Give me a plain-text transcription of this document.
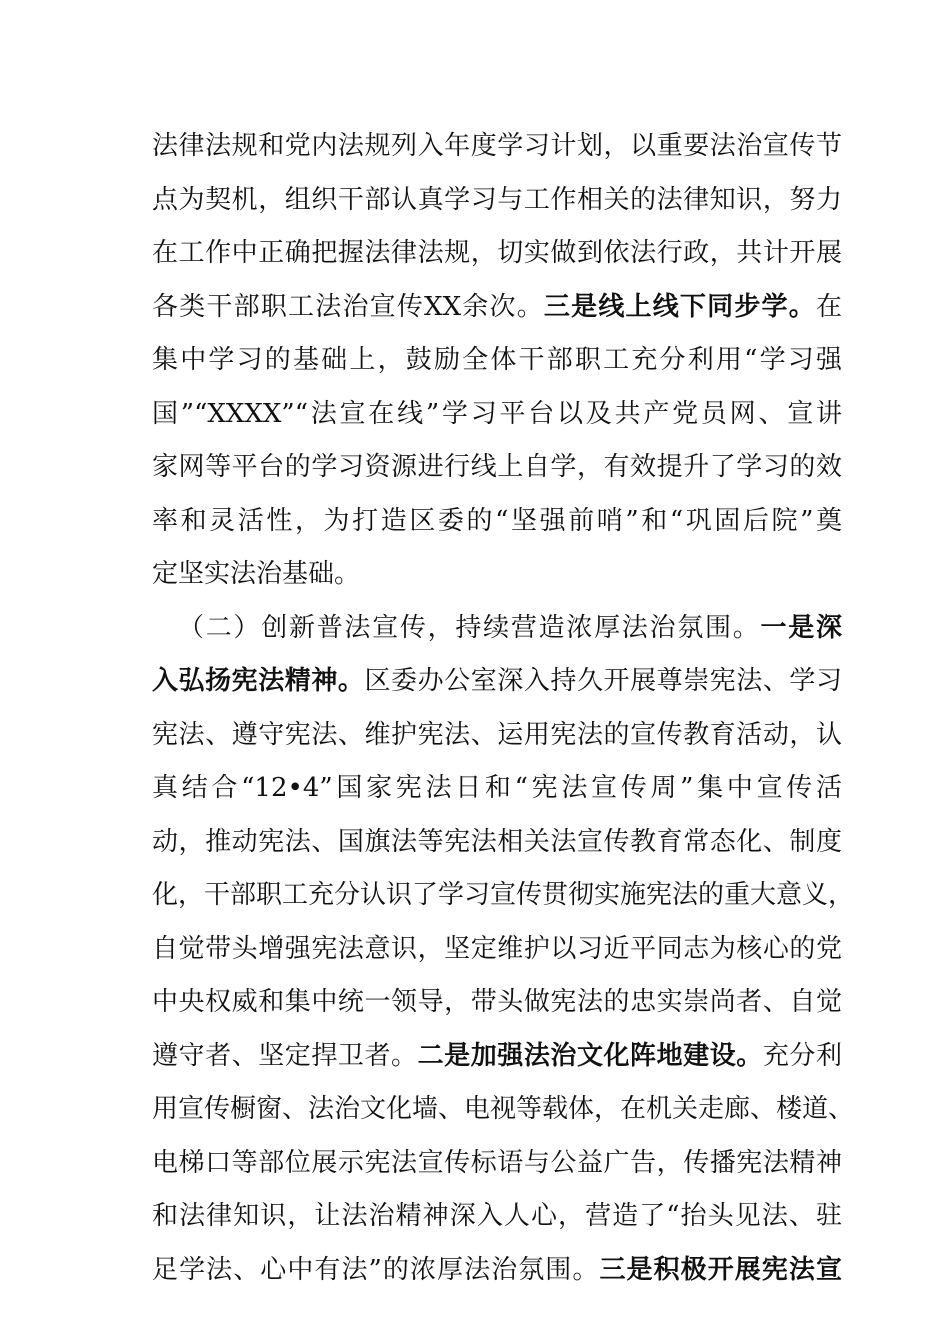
法律法规和党内法规列入年度学习计划，以重要法治宣传节
点为契机，组织干部认真学习与工作相关的法律知识，努力
在工作中正确把握法律法规，切实做到依法行政，共计开展
各类干部职工法治宣传XX余次。三是线上线下同步学。在
集中学习的基础上，鼓励全体干部职工充分利用“学习强
国”“XXXX”“法宣在线”学习平台以及共产党员网、宣讲
家网等平台的学习资源进行线上自学，有效提升了学习的效
率和灵活性，为打造区委的“坚强前哨”和“巩固后院”奠
定坚实法治基础。
（二）创新普法宣传，持续营造浓厚法治氛围。一是深
入弘扬宪法精神。区委办公室深入持久开展尊崇宪法、学习
宪法、遵守宪法、维护宪法、运用宪法的宣传教育活动，认
真结合“12•4”国家宪法日和“宪法宣传周”集中宣传活
动，推动宪法、国旗法等宪法相关法宣传教育常态化、制度
化，干部职工充分认识了学习宣传贯彻实施宪法的重大意义，
自觉带头增强宪法意识，坚定维护以习近平同志为核心的党
中央权威和集中统一领导，带头做宪法的忠实崇尚者、自觉
遵守者、坚定捍卫者。二是加强法治文化阵地建设。充分利
用宣传橱窗、法治文化墙、电视等载体，在机关走廊、楼道、
电梯口等部位展示宪法宣传标语与公益广告，传播宪法精神
和法律知识，让法治精神深入人心，营造了“抬头见法、驻
足学法、心中有法”的浓厚法治氛围。三是积极开展宪法宣
